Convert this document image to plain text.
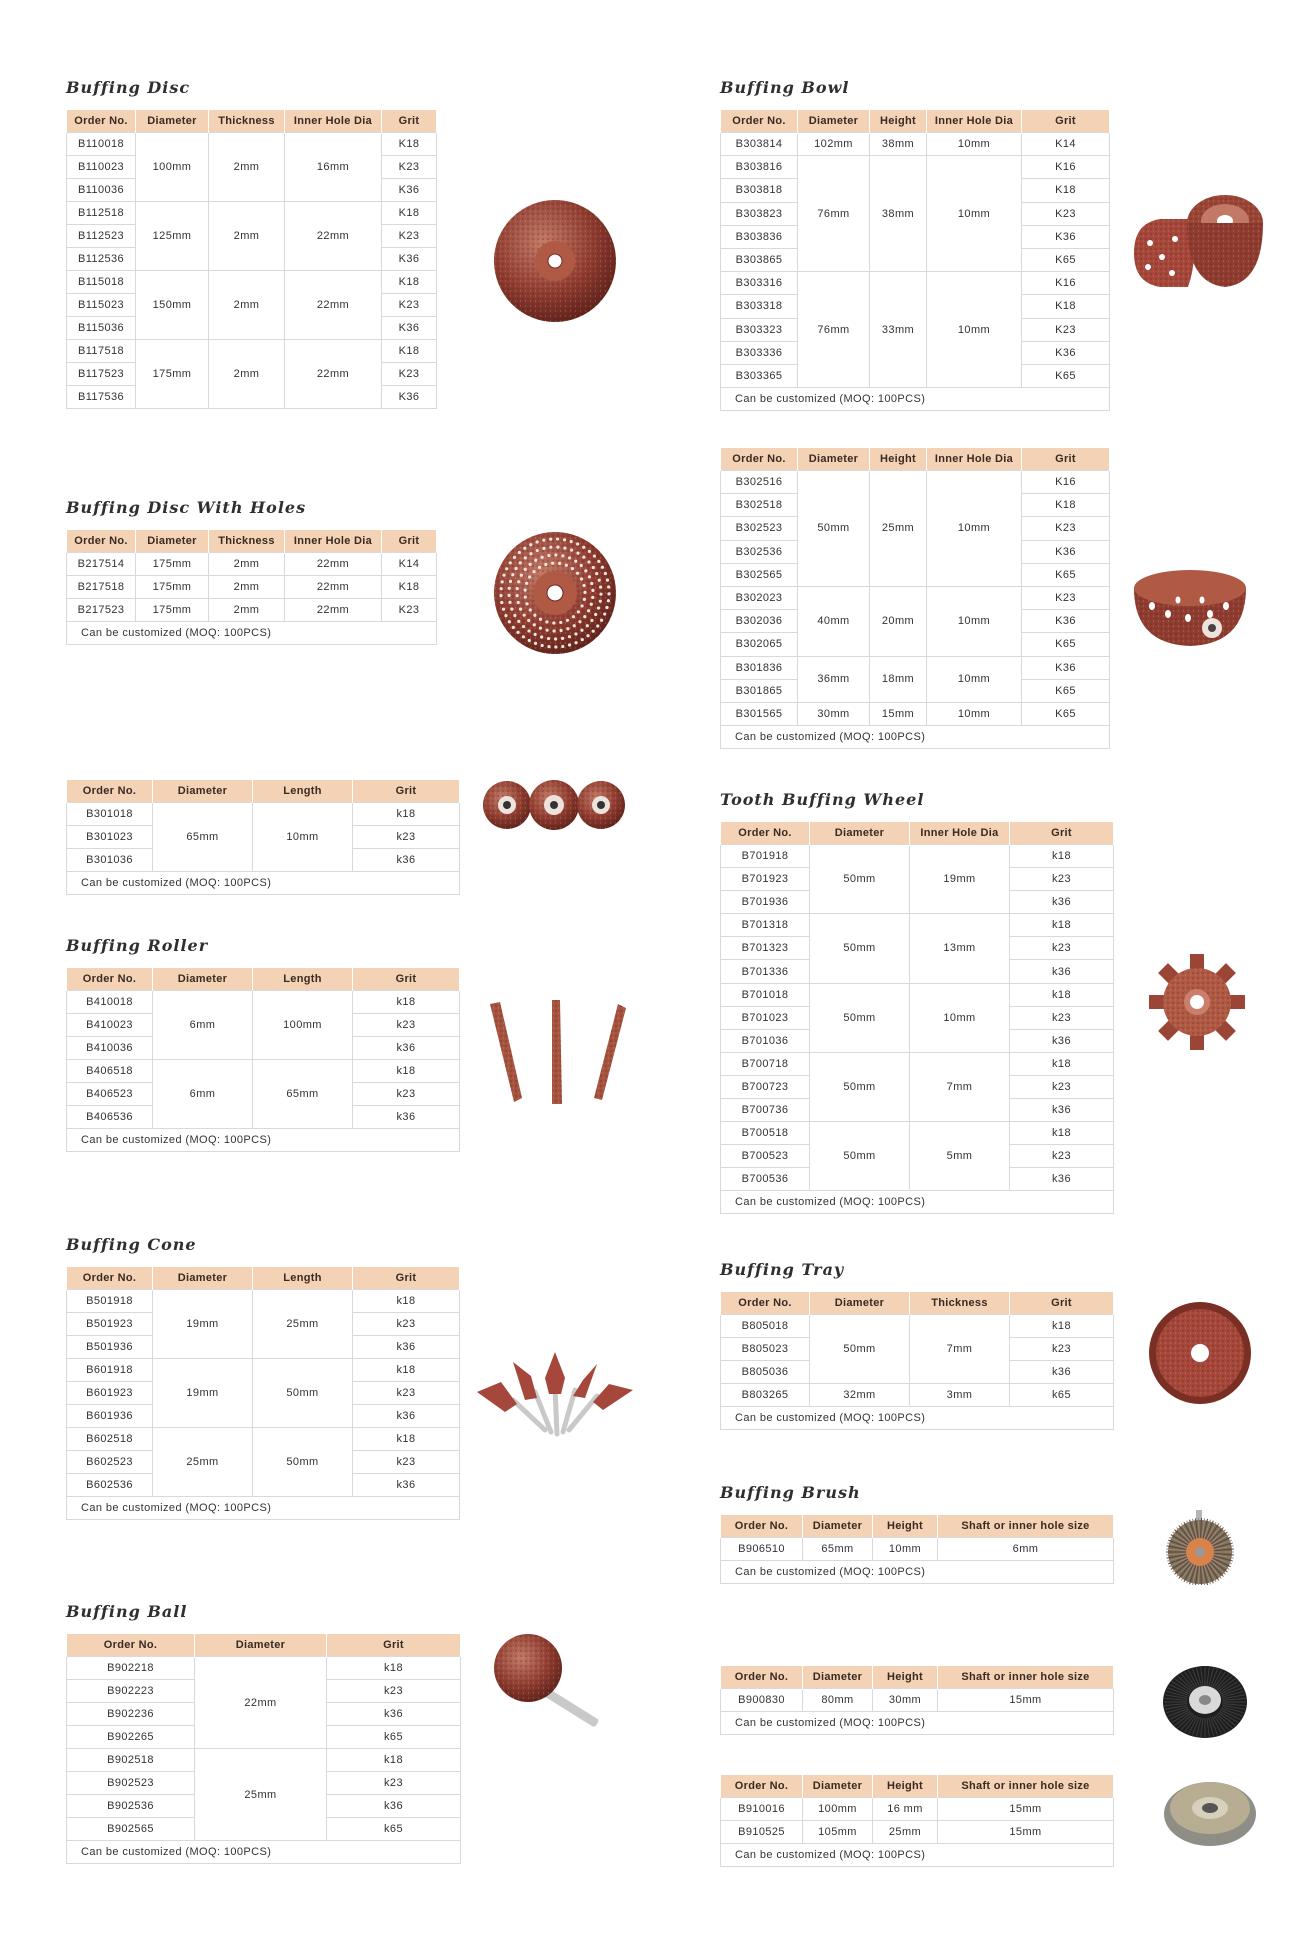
Buffing Disc
Order No.	Diameter	Thickness	Inner Hole Dia	Grit
B110018	100mm	2mm	16mm	K18
B110023				K23
B110036				K36
B112518	125mm	2mm	22mm	K18
B112523				K23
B112536				K36
B115018	150mm	2mm	22mm	K18
B115023				K23
B115036				K36
B117518	175mm	2mm	22mm	K18
B117523				K23
B117536				K36
Buffing Disc With Holes
Order No.	Diameter	Thickness	Inner Hole Dia	Grit
B217514	175mm	2mm	22mm	K14
B217518	175mm	2mm	22mm	K18
B217523	175mm	2mm	22mm	K23
Can be customized (MOQ: 100PCS)				
Order No.	Diameter	Length	Grit
B301018	65mm	10mm	k18
B301023			k23
B301036			k36
Can be customized (MOQ: 100PCS)			
Buffing Roller
Order No.	Diameter	Length	Grit
B410018	6mm	100mm	k18
B410023			k23
B410036			k36
B406518	6mm	65mm	k18
B406523			k23
B406536			k36
Can be customized (MOQ: 100PCS)			
Buffing Cone
Order No.	Diameter	Length	Grit
B501918	19mm	25mm	k18
B501923			k23
B501936			k36
B601918	19mm	50mm	k18
B601923			k23
B601936			k36
B602518	25mm	50mm	k18
B602523			k23
B602536			k36
Can be customized (MOQ: 100PCS)			
Buffing Ball
Order No.	Diameter	Grit
B902218	22mm	k18
B902223		k23
B902236		k36
B902265		k65
B902518	25mm	k18
B902523		k23
B902536		k36
B902565		k65
Can be customized (MOQ: 100PCS)		
Buffing Bowl
Order No.	Diameter	Height	Inner Hole Dia	Grit
B303814	102mm	38mm	10mm	K14
B303816	76mm	38mm	10mm	K16
B303818				K18
B303823				K23
B303836				K36
B303865				K65
B303316	76mm	33mm	10mm	K16
B303318				K18
B303323				K23
B303336				K36
B303365				K65
Can be customized (MOQ: 100PCS)				
Order No.	Diameter	Height	Inner Hole Dia	Grit
B302516	50mm	25mm	10mm	K16
B302518				K18
B302523				K23
B302536				K36
B302565				K65
B302023	40mm	20mm	10mm	K23
B302036				K36
B302065				K65
B301836	36mm	18mm	10mm	K36
B301865				K65
B301565	30mm	15mm	10mm	K65
Can be customized (MOQ: 100PCS)				
Tooth Buffing Wheel
Order No.	Diameter	Inner Hole Dia	Grit
B701918	50mm	19mm	k18
B701923			k23
B701936			k36
B701318	50mm	13mm	k18
B701323			k23
B701336			k36
B701018	50mm	10mm	k18
B701023			k23
B701036			k36
B700718	50mm	7mm	k18
B700723			k23
B700736			k36
B700518	50mm	5mm	k18
B700523			k23
B700536			k36
Can be customized (MOQ: 100PCS)			
Buffing Tray
Order No.	Diameter	Thickness	Grit
B805018	50mm	7mm	k18
B805023			k23
B805036			k36
B803265	32mm	3mm	k65
Can be customized (MOQ: 100PCS)			
Buffing Brush
Order No.	Diameter	Height	Shaft or inner hole size
B906510	65mm	10mm	6mm
Can be customized (MOQ: 100PCS)			
Order No.	Diameter	Height	Shaft or inner hole size
B900830	80mm	30mm	15mm
Can be customized (MOQ: 100PCS)			
Order No.	Diameter	Height	Shaft or inner hole size
B910016	100mm	16 mm	15mm
B910525	105mm	25mm	15mm
Can be customized (MOQ: 100PCS)			
